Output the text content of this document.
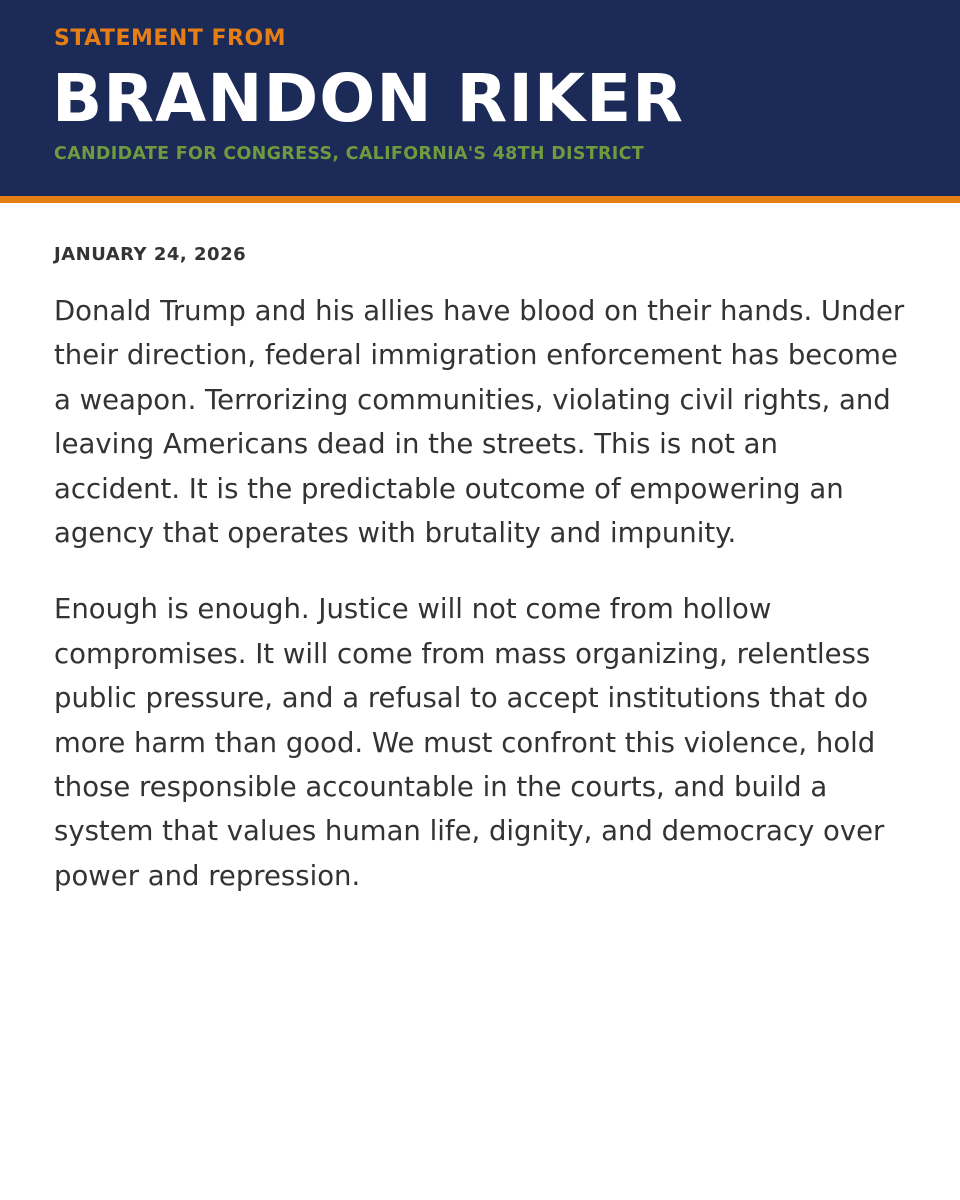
STATEMENT FROM

BRANDON RIKER

CANDIDATE FOR CONGRESS, CALIFORNIA'S 48TH DISTRICT

JANUARY 24, 2026

Donald Trump and his allies have blood on their hands. Under their direction, federal immigration enforcement has become a weapon. Terrorizing communities, violating civil rights, and leaving Americans dead in the streets. This is not an accident. It is the predictable outcome of empowering an agency that operates with brutality and impunity.

Enough is enough. Justice will not come from hollow compromises. It will come from mass organizing, relentless public pressure, and a refusal to accept institutions that do more harm than good. We must confront this violence, hold those responsible accountable in the courts, and build a system that values human life, dignity, and democracy over power and repression.
